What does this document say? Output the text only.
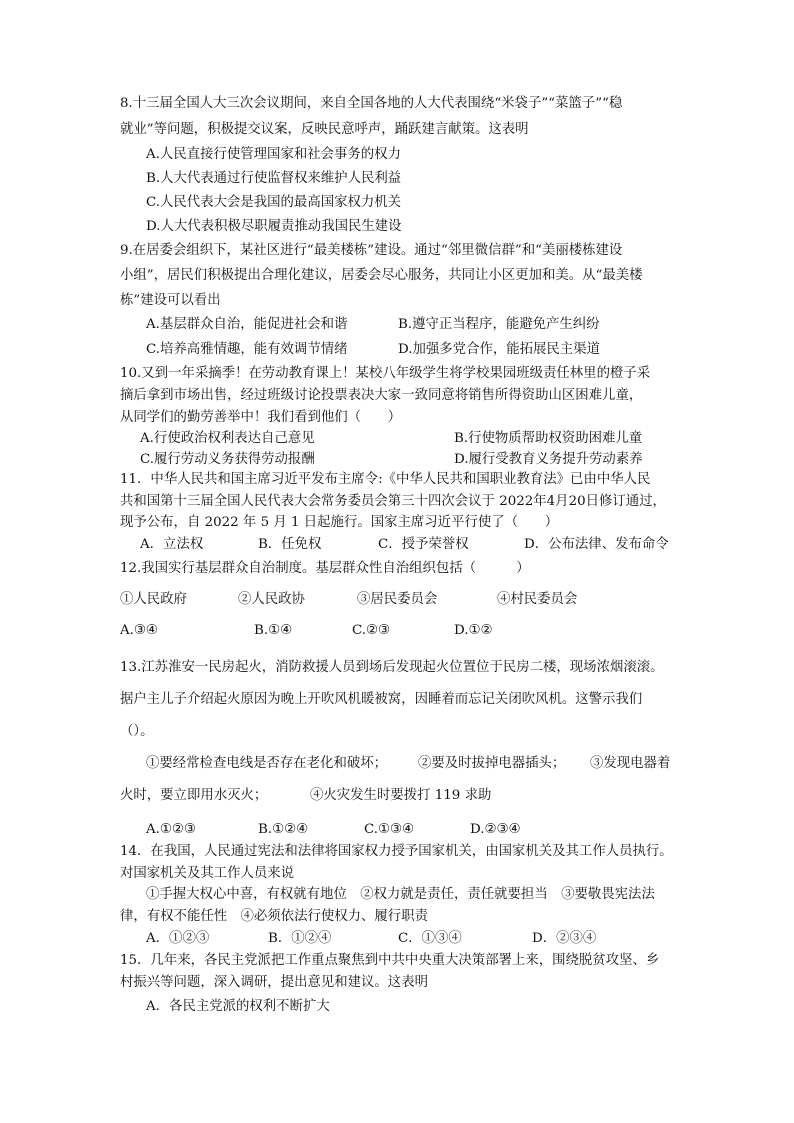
8.十三届全国人大三次会议期间，来自全国各地的人大代表围绕“米袋子”“菜篮子”“稳
就业”等问题，积极提交议案，反映民意呼声，踊跃建言献策。这表明
A.人民直接行使管理国家和社会事务的权力
B.人大代表通过行使监督权来维护人民利益
C.人民代表大会是我国的最高国家权力机关
D.人大代表积极尽职履责推动我国民生建设
9.在居委会组织下，某社区进行“最美楼栋”建设。通过“邻里微信群”和“美丽楼栋建设
小组”，居民们积极提出合理化建议，居委会尽心服务，共同让小区更加和美。从“最美楼
栋”建设可以看出
A.基层群众自治，能促进社会和谐	B.遵守正当程序，能避免产生纠纷
C.培养高雅情趣，能有效调节情绪	D.加强多党合作，能拓展民主渠道
10.又到一年采摘季！在劳动教育课上！某校八年级学生将学校果园班级责任林里的橙子采
摘后拿到市场出售，经过班级讨论投票表决大家一致同意将销售所得资助山区困难儿童，
从同学们的勤劳善举中！我们看到他们（　　）
A.行使政治权利表达自己意见	B.行使物质帮助权资助困难儿童
C.履行劳动义务获得劳动报酬	D.履行受教育义务提升劳动素养
11．中华人民共和国主席习近平发布主席令:《中华人民共和国职业教育法》已由中华人民
共和国第十三届全国人民代表大会常务委员会第三十四次会议于 2022年4月20日修订通过，
现予公布，自 2022 年 5 月 1 日起施行。国家主席习近平行使了（　　）
A．立法权	B．任免权	C．授予荣誉权	D．公布法律、发布命令
12.我国实行基层群众自治制度。基层群众性自治组织包括（　　　）
①人民政府	②人民政协	③居民委员会	④村民委员会
A.③④	B.①④	C.②③	D.①②
13.江苏淮安一民房起火，消防救援人员到场后发现起火位置位于民房二楼，现场浓烟滚滚。
据户主儿子介绍起火原因为晚上开吹风机暖被窝，因睡着而忘记关闭吹风机。这警示我们
（）。
①要经常检查电线是否存在老化和破坏； ②要及时拔掉电器插头； ③发现电器着
火时，要立即用水灭火；	④火灾发生时要拨打 119 求助
A.①②③	B.①②④	C.①③④	D.②③④
14．在我国，人民通过宪法和法律将国家权力授予国家机关，由国家机关及其工作人员执行。
对国家机关及其工作人员来说
①手握大权心中喜，有权就有地位　②权力就是责任，责任就要担当　③要敬畏宪法法
律，有权不能任性　④必须依法行使权力、履行职责
A．①②③	B．①②④	C．①③④	D．②③④
15．几年来，各民主党派把工作重点聚焦到中共中央重大决策部署上来，围绕脱贫攻坚、乡
村振兴等问题，深入调研，提出意见和建议。这表明
A．各民主党派的权利不断扩大
